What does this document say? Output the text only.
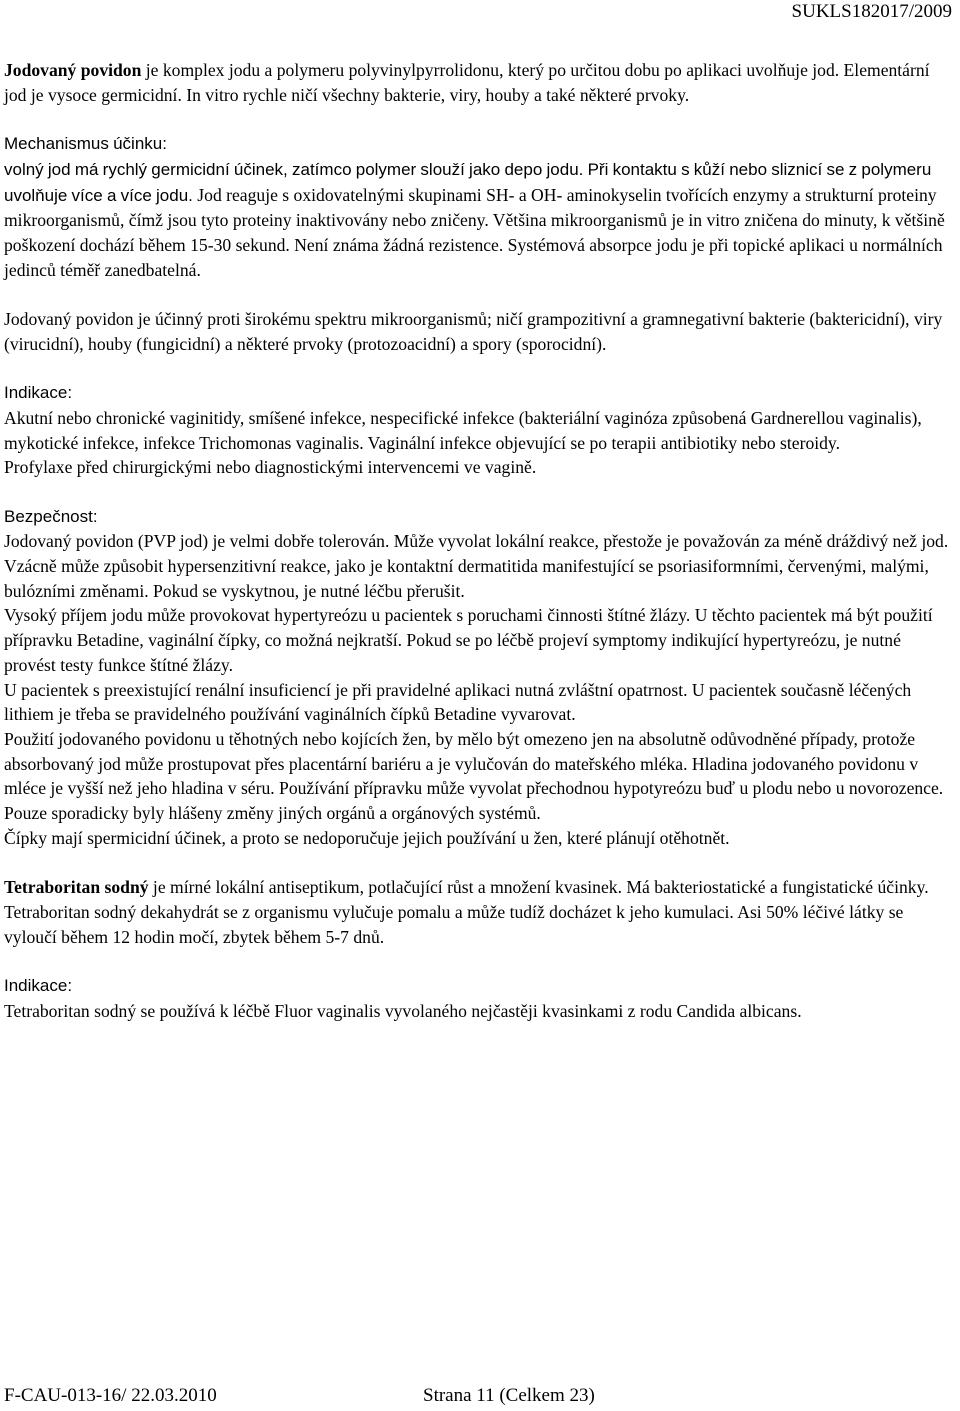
SUKLS182017/2009

Jodovaný povidon je komplex jodu a polymeru polyvinylpyrrolidonu, který po určitou dobu po aplikaci uvolňuje jod. Elementární jod je vysoce germicidní. In vitro rychle ničí všechny bakterie, viry, houby a také některé prvoky.

Mechanismus účinku:

volný jod má rychlý germicidní účinek, zatímco polymer slouží jako depo jodu. Při kontaktu s kůží nebo sliznicí se z polymeru uvolňuje více a více jodu. Jod reaguje s oxidovatelnými skupinami SH- a OH- aminokyselin tvořících enzymy a strukturní proteiny mikroorganismů, čímž jsou tyto proteiny inaktivovány nebo zničeny. Většina mikroorganismů je in vitro zničena do minuty, k většině poškození dochází během 15-30 sekund. Není známa žádná rezistence. Systémová absorpce jodu je při topické aplikaci u normálních jedinců téměř zanedbatelná.

Jodovaný povidon je účinný proti širokému spektru mikroorganismů; ničí grampozitivní a gramnegativní bakterie (baktericidní), viry (virucidní), houby (fungicidní) a některé prvoky (protozoacidní) a spory (sporocidní).

Indikace:

Akutní nebo chronické vaginitidy, smíšené infekce, nespecifické infekce (bakteriální vaginóza způsobená Gardnerellou vaginalis), mykotické infekce, infekce Trichomonas vaginalis. Vaginální infekce objevující se po terapii antibiotiky nebo steroidy.

Profylaxe před chirurgickými nebo diagnostickými intervencemi ve vagině.

Bezpečnost:

Jodovaný povidon (PVP jod) je velmi dobře tolerován. Může vyvolat lokální reakce, přestože je považován za méně dráždivý než jod.

Vzácně může způsobit hypersenzitivní reakce, jako je kontaktní dermatitida manifestující se psoriasiformními, červenými, malými, bulózními změnami. Pokud se vyskytnou, je nutné léčbu přerušit.

Vysoký příjem jodu může provokovat hypertyreózu u pacientek s poruchami činnosti štítné žlázy. U těchto pacientek má být použití přípravku Betadine, vaginální čípky, co možná nejkratší. Pokud se po léčbě projeví symptomy indikující hypertyreózu, je nutné provést testy funkce štítné žlázy.

U pacientek s preexistující renální insuficiencí je při pravidelné aplikaci nutná zvláštní opatrnost. U pacientek současně léčených lithiem je třeba se pravidelného používání vaginálních čípků Betadine vyvarovat.

Použití jodovaného povidonu u těhotných nebo kojících žen, by mělo být omezeno jen na absolutně odůvodněné případy, protože absorbovaný jod může prostupovat přes placentární bariéru a je vylučován do mateřského mléka. Hladina jodovaného povidonu v mléce je vyšší než jeho hladina v séru. Používání přípravku může vyvolat přechodnou hypotyreózu buď u plodu nebo u novorozence.

Pouze sporadicky byly hlášeny změny jiných orgánů a orgánových systémů.

Čípky mají spermicidní účinek, a proto se nedoporučuje jejich používání u žen, které plánují otěhotnět.

Tetraboritan sodný je mírné lokální antiseptikum, potlačující růst a množení kvasinek. Má bakteriostatické a fungistatické účinky. Tetraboritan sodný dekahydrát se z organismu vylučuje pomalu a může tudíž docházet k jeho kumulaci. Asi 50% léčivé látky se vyloučí během 12 hodin močí, zbytek během 5-7 dnů.

Indikace:

Tetraboritan sodný se používá k léčbě Fluor vaginalis vyvolaného nejčastěji kvasinkami z rodu Candida albicans.

F-CAU-013-16/ 22.03.2010	Strana 11 (Celkem 23)
